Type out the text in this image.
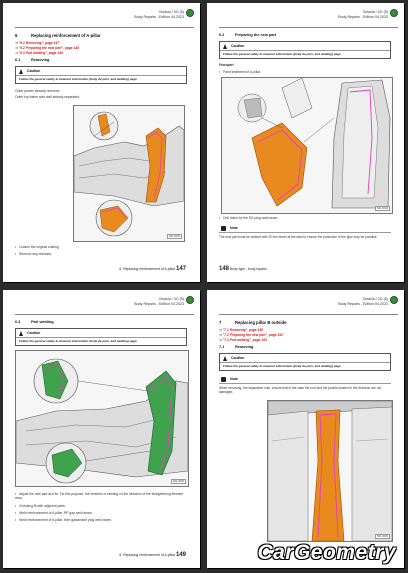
Octavia / 3O (5)
Body Repairs - Edition 04.2023
6	Replacing reinforcement of A-pillar
⇒ "6.1 Removing", page 147
⇒ "6.2 Preparing the new part", page 148
⇒ "6.3 Part welding", page 149
6.1	Removing
Caution
Follow the general safety & cleanout information (body de-pots, and welding) page
Outer panels already removed.
Outer top frame side wall already separated.
S91-0000
• Loosen the original coating.
• Remove any residues.
6. Replacing reinforcement of A-pillar 147
Octavia / 3O (5)
Body Repairs - Edition 04.2023
6.2	Preparing the new part
Caution
Follow the general safety & cleanout information (body de-pots, and welding) page
Frontpart
• Paint treatment of A-pillar.
S91-0000
• Drill holes for the SG plug weld seam.
Note
The new part must be welded with 20 mm sheet at the start to ensure the protection of the glue may be possible.
148 Body type - body repairs
Octavia / 3O (5)
Body Repairs - Edition 04.2023
6.3	Part welding
Caution
Follow the general safety & cleanout information (body de-pots, and welding) page
S91-0000
• Adjust the new part and fix. Fix this purpose, the versions is existing on the direction of the straightening element area.
• Checking fit with adjacent parts.
• Weld reinforcement of A-pillar. RP gap weld seam.
• Weld reinforcement of A-pillar, then galvanised plug weld seam.
6. Replacing reinforcement of A-pillar 149
Octavia / 3O (5)
Body Repairs - Edition 04.2023
7	Replacing pillar B outside
⇒ "7.1 Removing", page 150
⇒ "7.2 Preparing the new part", page 152
⇒ "7.3 Part welding", page 153
7.1	Removing
Caution
Follow the general safety & cleanout information (body de-pots, and welding) page
Note
When removing, the separation cuts, ensure that in the case the roof and the panels located in the direction are not damaged.
S91-0000
CarGeometry
